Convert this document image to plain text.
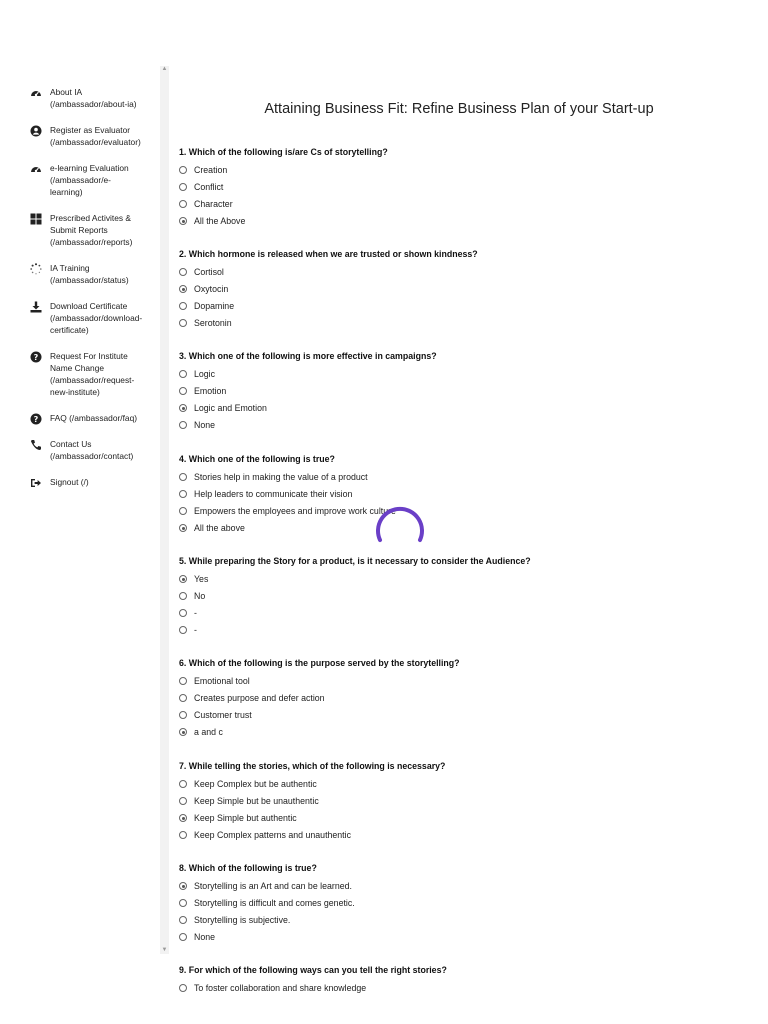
About IA
(/ambassador/about-ia)
Register as Evaluator
(/ambassador/evaluator)
e-learning Evaluation
(/ambassador/e-
learning)
Prescribed Activites &
Submit Reports
(/ambassador/reports)
IA Training
(/ambassador/status)
Download Certificate
(/ambassador/download-
certificate)
? Request For Institute
Name Change
(/ambassador/request-
new-institute)
? FAQ (/ambassador/faq)
Contact Us
(/ambassador/contact)
Signout (/)
▲
▼
Attaining Business Fit: Refine Business Plan of your Start-up
1. Which of the following is/are Cs of storytelling?
Creation
Conflict
Character
All the Above
2. Which hormone is released when we are trusted or shown kindness?
Cortisol
Oxytocin
Dopamine
Serotonin
3. Which one of the following is more effective in campaigns?
Logic
Emotion
Logic and Emotion
None
4. Which one of the following is true?
Stories help in making the value of a product
Help leaders to communicate their vision
Empowers the employees and improve work culture
All the above
5. While preparing the Story for a product, is it necessary to consider the Audience?
Yes
No
-
-
6. Which of the following is the purpose served by the storytelling?
Emotional tool
Creates purpose and defer action
Customer trust
a and c
7. While telling the stories, which of the following is necessary?
Keep Complex but be authentic
Keep Simple but be unauthentic
Keep Simple but authentic
Keep Complex patterns and unauthentic
8. Which of the following is true?
Storytelling is an Art and can be learned.
Storytelling is difficult and comes genetic.
Storytelling is subjective.
None
9. For which of the following ways can you tell the right stories?
To foster collaboration and share knowledge
